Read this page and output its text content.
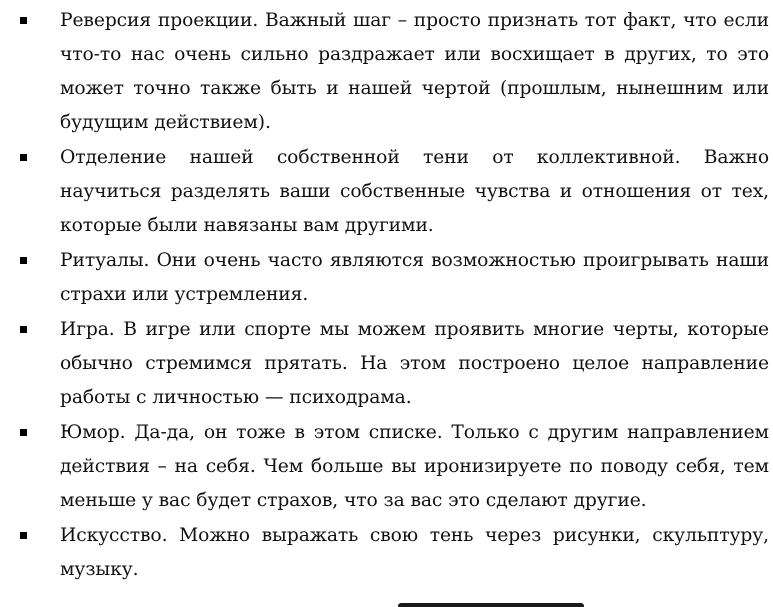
Реверсия проекции. Важный шаг – просто признать тот факт, что если что-то нас очень сильно раздражает или восхищает в других, то это может точно также быть и нашей чертой (прошлым, нынешним или будущим действием).
Отделение нашей собственной тени от коллективной. Важно научиться разделять ваши собственные чувства и отношения от тех, которые были навязаны вам другими.
Ритуалы. Они очень часто являются возможностью проигрывать наши страхи или устремления.
Игра. В игре или спорте мы можем проявить многие черты, которые обычно стремимся прятать. На этом построено целое направление работы с личностью — психодрама.
Юмор. Да-да, он тоже в этом списке. Только с другим направлением действия – на себя. Чем больше вы иронизируете по поводу себя, тем меньше у вас будет страхов, что за вас это сделают другие.
Искусство. Можно выражать свою тень через рисунки, скульптуру, музыку.
